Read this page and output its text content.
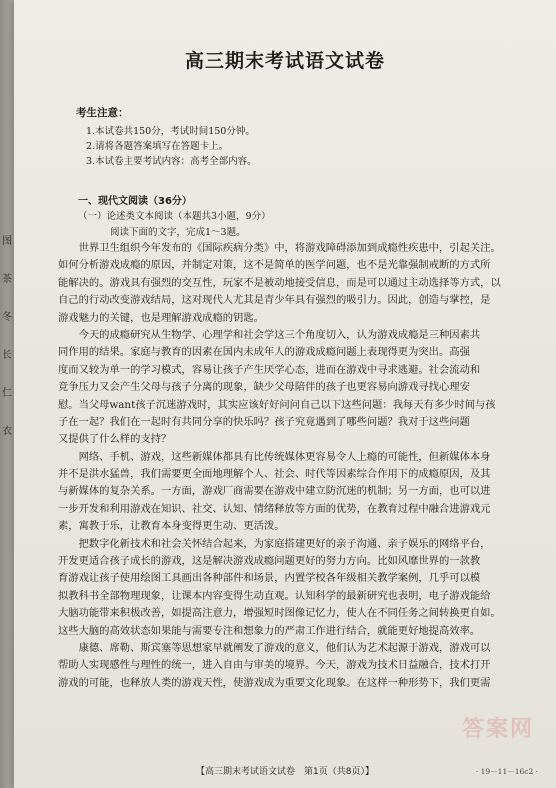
图
茶
冬
长
仁
衣
高三期末考试语文试卷
考生注意：
1.本试卷共150分，考试时间150分钟。
2.请将各题答案填写在答题卡上。
3.本试卷主要考试内容：高考全部内容。
一、现代文阅读（36分）
（一）论述类文本阅读（本题共3小题，9分）
阅读下面的文字，完成1～3题。
　　世界卫生组织今年发布的《国际疾病分类》中，将游戏障碍添加到成瘾性疾患中，引起关注。
如何分析游戏成瘾的原因，并制定对策，这不是简单的医学问题，也不是光靠强制戒断的方式所
能解决的。游戏具有强烈的交互性，玩家不是被动地接受信息，而是可以通过主动选择等方式，以
自己的行动改变游戏结局，这对现代人尤其是青少年具有强烈的吸引力。因此，创造与掌控，是
游戏魅力的关键，也是理解游戏成瘾的钥匙。
　　今天的成瘾研究从生物学、心理学和社会学这三个角度切入，认为游戏成瘾是三种因素共
同作用的结果。家庭与教育的因素在国内未成年人的游戏成瘾问题上表现得更为突出。高强
度而又较为单一的学习模式，容易让孩子产生厌学心态，进而在游戏中寻求逃避。社会流动和
竞争压力又会产生父母与孩子分离的现象，缺少父母陪伴的孩子也更容易向游戏寻找心理安
慰。当父母want孩子沉迷游戏时，其实应该好好问问自己以下这些问题：我每天有多少时间与孩
子在一起？我们在一起时有共同分享的快乐吗？孩子究竟遇到了哪些问题？我对于这些问题
又提供了什么样的支持？
　　网络、手机、游戏，这些新媒体都具有比传统媒体更容易令人上瘾的可能性，但新媒体本身
并不是洪水猛兽，我们需要更全面地理解个人、社会、时代等因素综合作用下的成瘾原因，及其
与新媒体的复杂关系。一方面，游戏厂商需要在游戏中建立防沉迷的机制；另一方面，也可以进
一步开发和利用游戏在知识、社交、认知、情绪释放等方面的优势，在教育过程中融合进游戏元
素，寓教于乐，让教育本身变得更生动、更活泼。
　　把数字化新技术和社会关怀结合起来，为家庭搭建更好的亲子沟通、亲子娱乐的网络平台，
开发更适合孩子成长的游戏，这是解决游戏成瘾问题更好的努力方向。比如风靡世界的一款教
育游戏让孩子使用绘图工具画出各种部件和场景，内置学校各年级相关教学案例，几乎可以模
拟教科书全部物理现象，让课本内容变得生动直观。认知科学的最新研究也表明，电子游戏能给
大脑功能带来积极改善，如提高注意力，增强短时图像记忆力，使人在不同任务之间转换更自如。
这些大脑的高效状态如果能与需要专注和想象力的严肃工作进行结合，就能更好地提高效率。
　　康德、席勒、斯宾塞等思想家早就阐发了游戏的意义，他们认为艺术起源于游戏，游戏可以
帮助人实现感性与理性的统一，进入自由与审美的境界。今天，游戏为技术日益融合，技术打开
游戏的可能，也释放人类的游戏天性，使游戏成为重要文化现象。在这样一种形势下，我们更需
答案网
【高三期末考试语文试卷　第1页（共8页）】	· 19－11－16c2 ·
